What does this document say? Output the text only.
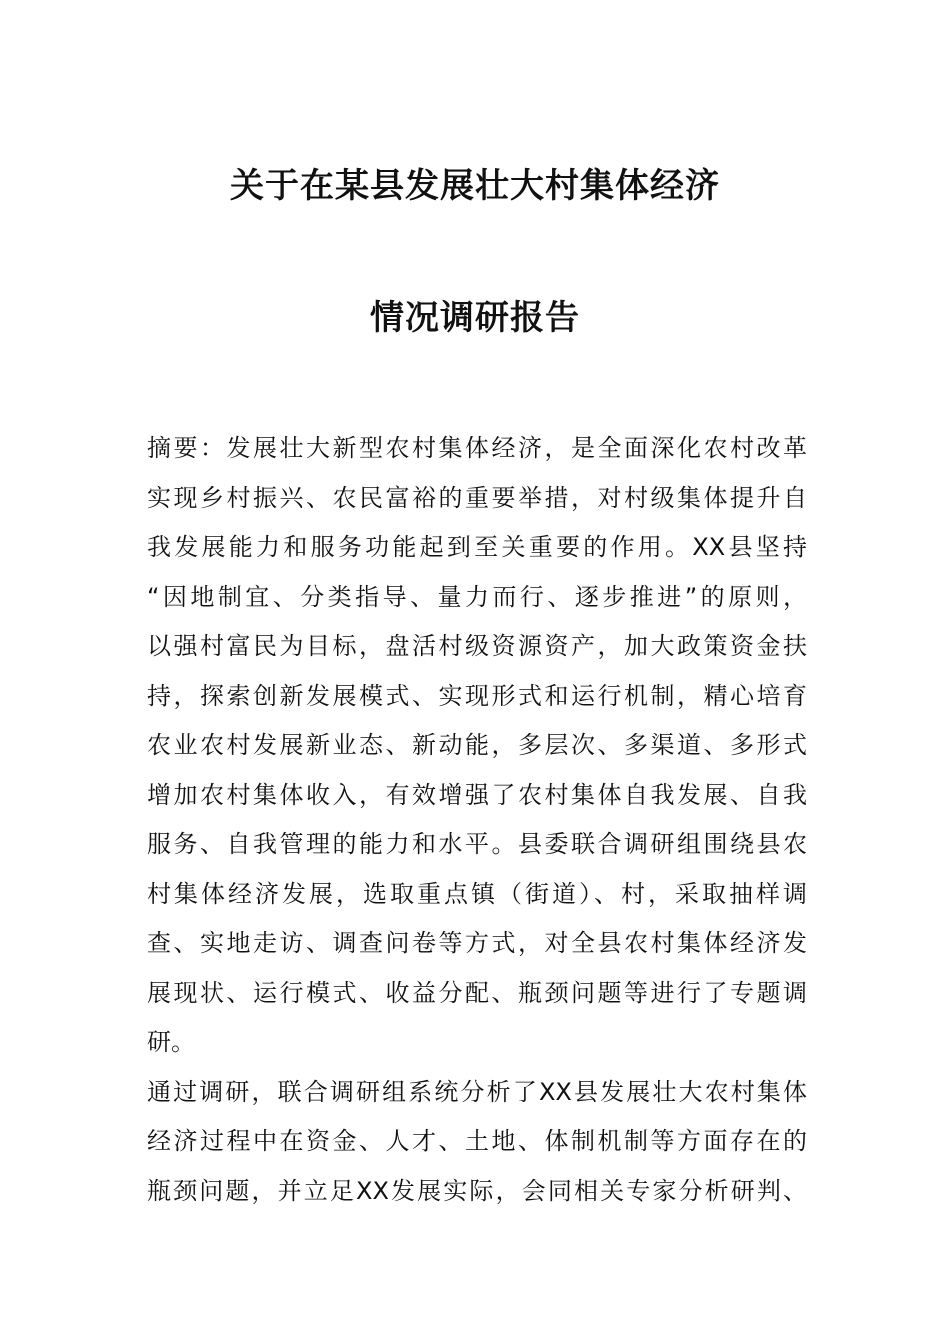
关于在某县发展壮大村集体经济
情况调研报告
摘要：发展壮大新型农村集体经济，是全面深化农村改革
实现乡村振兴、农民富裕的重要举措，对村级集体提升自
我发展能力和服务功能起到至关重要的作用。XX县坚持
“因地制宜、分类指导、量力而行、逐步推进”的原则，
以强村富民为目标，盘活村级资源资产，加大政策资金扶
持，探索创新发展模式、实现形式和运行机制，精心培育
农业农村发展新业态、新动能，多层次、多渠道、多形式
增加农村集体收入，有效增强了农村集体自我发展、自我
服务、自我管理的能力和水平。县委联合调研组围绕县农
村集体经济发展，选取重点镇（街道）、村，采取抽样调
查、实地走访、调查问卷等方式，对全县农村集体经济发
展现状、运行模式、收益分配、瓶颈问题等进行了专题调
研。
通过调研，联合调研组系统分析了XX县发展壮大农村集体
经济过程中在资金、人才、土地、体制机制等方面存在的
瓶颈问题，并立足XX发展实际，会同相关专家分析研判、
